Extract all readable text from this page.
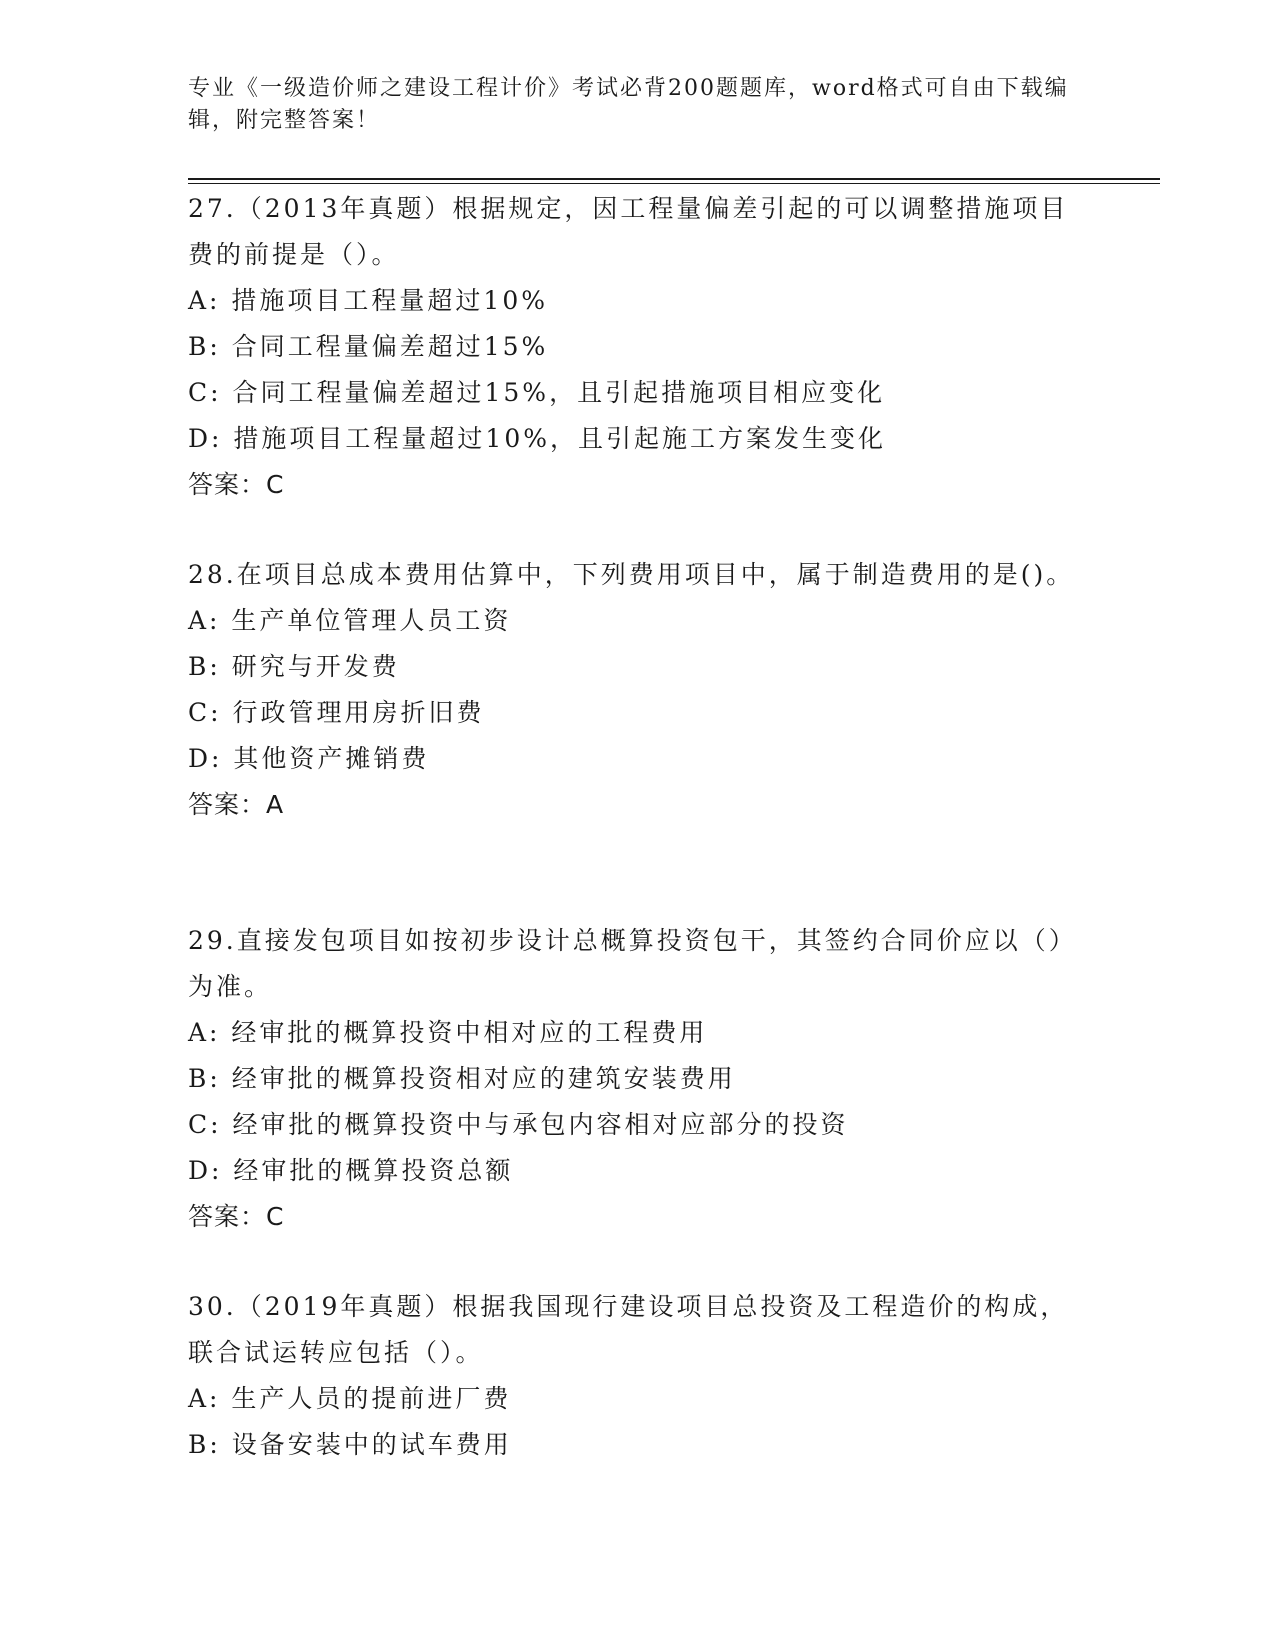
专业《一级造价师之建设工程计价》考试必背200题题库，word格式可自由下载编辑，附完整答案！
27.（2013年真题）根据规定，因工程量偏差引起的可以调整措施项目费的前提是（）。
A: 措施项目工程量超过10%
B: 合同工程量偏差超过15%
C: 合同工程量偏差超过15%，且引起措施项目相应变化
D: 措施项目工程量超过10%，且引起施工方案发生变化
答案：C
28.在项目总成本费用估算中，下列费用项目中，属于制造费用的是()。
A: 生产单位管理人员工资
B: 研究与开发费
C: 行政管理用房折旧费
D: 其他资产摊销费
答案：A
29.直接发包项目如按初步设计总概算投资包干，其签约合同价应以（）为准。
A: 经审批的概算投资中相对应的工程费用
B: 经审批的概算投资相对应的建筑安装费用
C: 经审批的概算投资中与承包内容相对应部分的投资
D: 经审批的概算投资总额
答案：C
30.（2019年真题）根据我国现行建设项目总投资及工程造价的构成，联合试运转应包括（）。
A: 生产人员的提前进厂费
B: 设备安装中的试车费用
